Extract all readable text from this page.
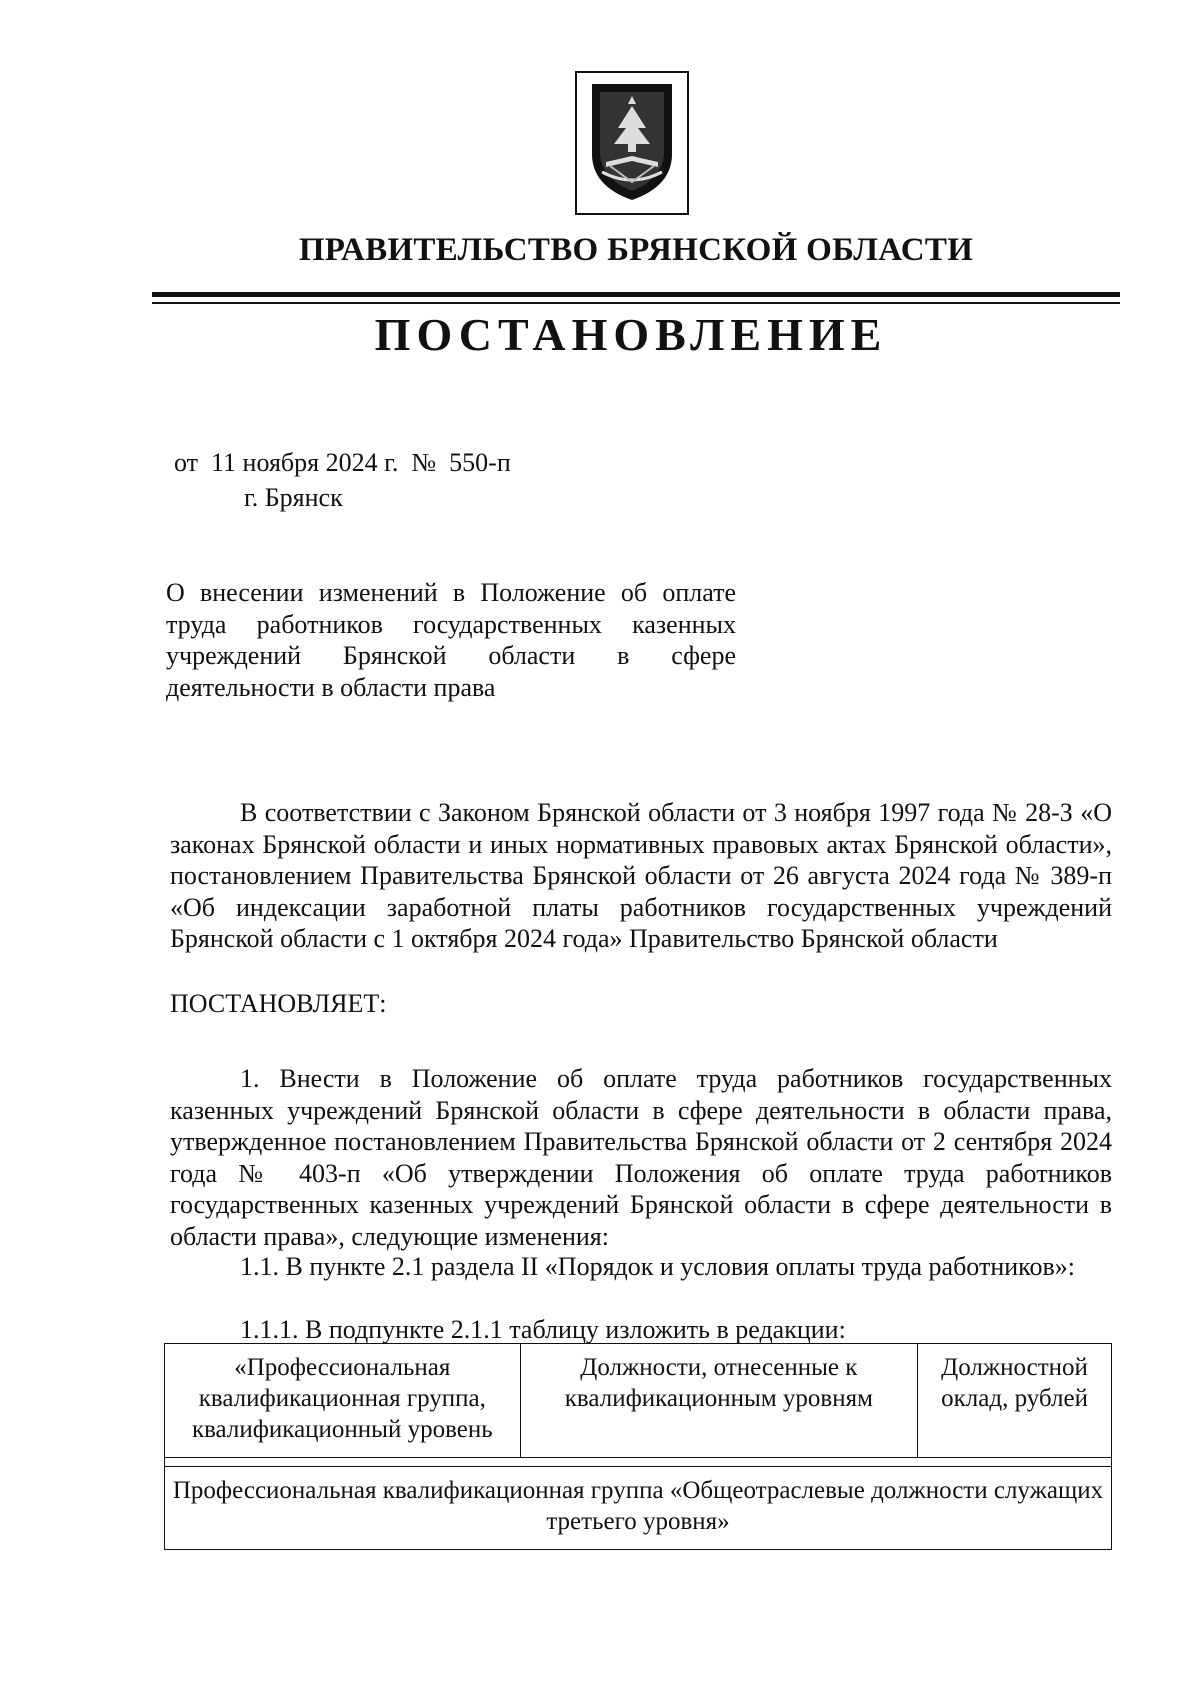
ПРАВИТЕЛЬСТВО БРЯНСКОЙ ОБЛАСТИ
ПОСТАНОВЛЕНИЕ
от  11 ноября 2024 г.  №  550-п
г. Брянск
О внесении изменений в Положение об оплате труда работников государственных казенных учреждений Брянской области в сфере деятельности в области права
В соответствии с Законом Брянской области от 3 ноября 1997 года № 28-З «О законах Брянской области и иных нормативных правовых актах Брянской области», постановлением Правительства Брянской области от 26 августа 2024 года № 389-п «Об индексации заработной платы работников государственных учреждений Брянской области с 1 октября 2024 года» Правительство Брянской области
ПОСТАНОВЛЯЕТ:
1. Внести в Положение об оплате труда работников государственных казенных учреждений Брянской области в сфере деятельности в области права, утвержденное постановлением Правительства Брянской области от 2 сентября 2024 года № 403-п «Об утверждении Положения об оплате труда работников государственных казенных учреждений Брянской области в сфере деятельности в области права», следующие изменения:
1.1. В пункте 2.1 раздела II «Порядок и условия оплаты труда работников»:
1.1.1. В подпункте 2.1.1 таблицу изложить в редакции:
«Профессиональная квалификационная группа, квалификационный уровень	Должности, отнесенные к квалификационным уровням	Должностной оклад, рублей

Профессиональная квалификационная группа «Общеотраслевые должности служащих третьего уровня»
